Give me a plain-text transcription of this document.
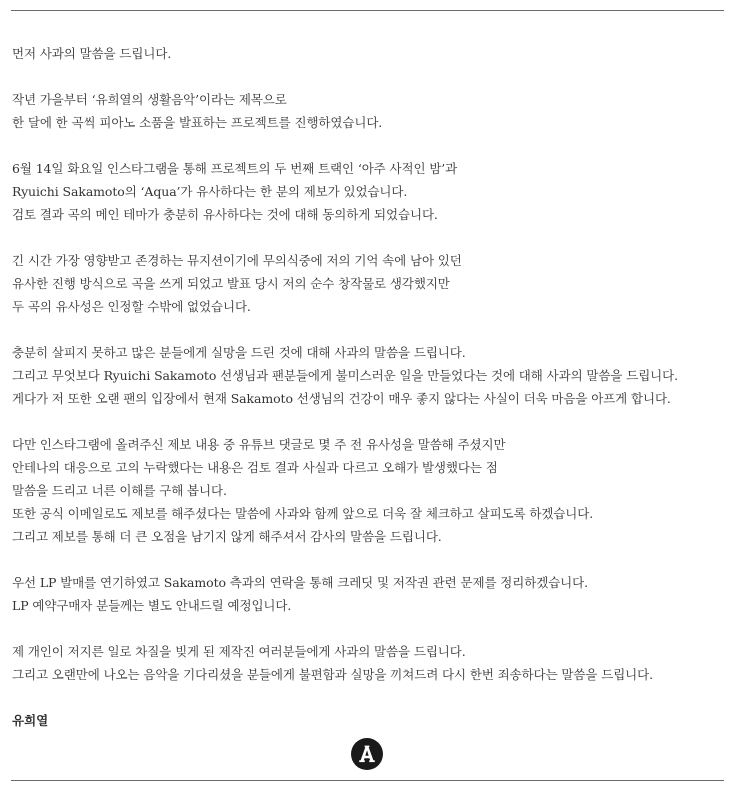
먼저 사과의 말씀을 드립니다.
작년 가을부터 ‘유희열의 생활음악’이라는 제목으로
한 달에 한 곡씩 피아노 소품을 발표하는 프로젝트를 진행하였습니다.
6월 14일 화요일 인스타그램을 통해 프로젝트의 두 번째 트랙인 ‘아주 사적인 밤’과
Ryuichi Sakamoto의 ‘Aqua’가 유사하다는 한 분의 제보가 있었습니다.
검토 결과 곡의 메인 테마가 충분히 유사하다는 것에 대해 동의하게 되었습니다.
긴 시간 가장 영향받고 존경하는 뮤지션이기에 무의식중에 저의 기억 속에 남아 있던
유사한 진행 방식으로 곡을 쓰게 되었고 발표 당시 저의 순수 창작물로 생각했지만
두 곡의 유사성은 인정할 수밖에 없었습니다.
충분히 살피지 못하고 많은 분들에게 실망을 드린 것에 대해 사과의 말씀을 드립니다.
그리고 무엇보다 Ryuichi Sakamoto 선생님과 팬분들에게 불미스러운 일을 만들었다는 것에 대해 사과의 말씀을 드립니다.
게다가 저 또한 오랜 팬의 입장에서 현재 Sakamoto 선생님의 건강이 매우 좋지 않다는 사실이 더욱 마음을 아프게 합니다.
다만 인스타그램에 올려주신 제보 내용 중 유튜브 댓글로 몇 주 전 유사성을 말씀해 주셨지만
안테나의 대응으로 고의 누락했다는 내용은 검토 결과 사실과 다르고 오해가 발생했다는 점
말씀을 드리고 너른 이해를 구해 봅니다.
또한 공식 이메일로도 제보를 해주셨다는 말씀에 사과와 함께 앞으로 더욱 잘 체크하고 살피도록 하겠습니다.
그리고 제보를 통해 더 큰 오점을 남기지 않게 해주셔서 감사의 말씀을 드립니다.
우선 LP 발매를 연기하였고 Sakamoto 측과의 연락을 통해 크레딧 및 저작권 관련 문제를 정리하겠습니다.
LP 예약구매자 분들께는 별도 안내드릴 예정입니다.
제 개인이 저지른 일로 차질을 빚게 된 제작진 여러분들에게 사과의 말씀을 드립니다.
그리고 오랜만에 나오는 음악을 기다리셨을 분들에게 불편함과 실망을 끼쳐드려 다시 한번 죄송하다는 말씀을 드립니다.
유희열
